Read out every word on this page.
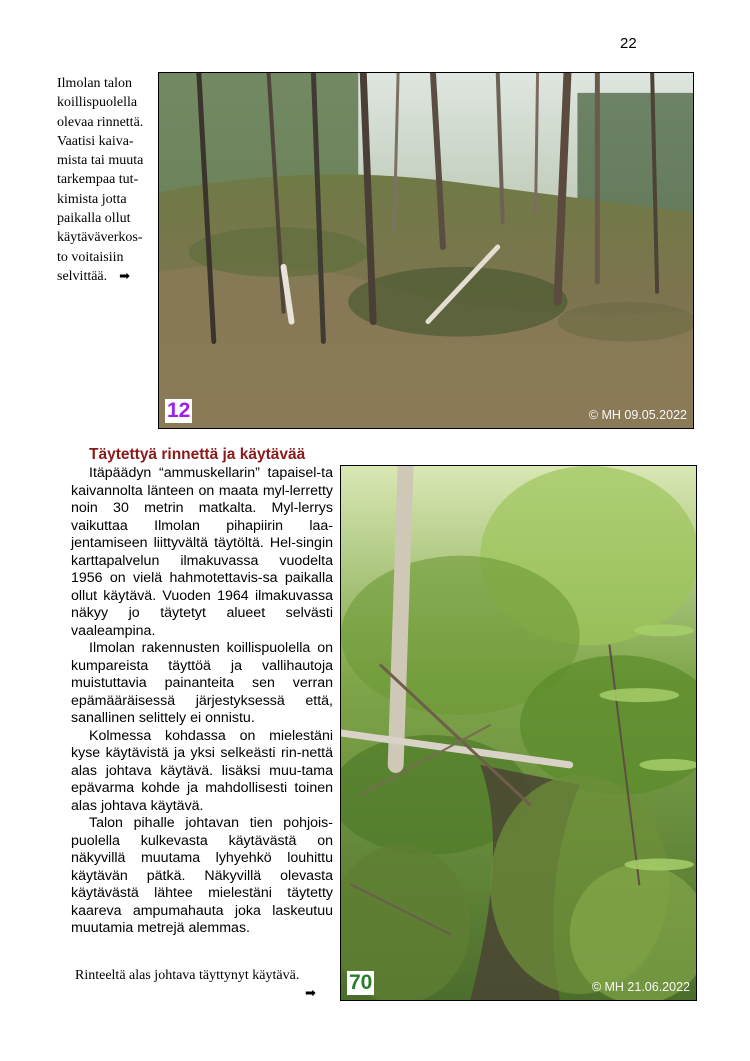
22
Ilmolan talon
koillispuolella
olevaa rinnettä.
Vaatisi kaiva-
mista tai muuta
tarkempaa tut-
kimista jotta
paikalla ollut
käytäväverkos-
to voitaisiin
selvittää. ➡
12	© MH 09.05.2022
Täytettyä rinnettä ja käytävää

Itäpäädyn “ammuskellarin” tapaisel-ta kaivannolta länteen on maata myl-lerretty noin 30 metrin matkalta. Myl-lerrys vaikuttaa Ilmolan pihapiirin laa-jentamiseen liittyvältä täytöltä. Hel-singin karttapalvelun ilmakuvassa vuodelta 1956 on vielä hahmotettavis-sa paikalla ollut käytävä. Vuoden 1964 ilmakuvassa näkyy jo täytetyt alueet selvästi vaaleampina.

Ilmolan rakennusten koillispuolella on kumpareista täyttöä ja vallihautoja muistuttavia painanteita sen verran epämääräisessä järjestyksessä että, sanallinen selittely ei onnistu.

Kolmessa kohdassa on mielestäni kyse käytävistä ja yksi selkeästi rin-nettä alas johtava käytävä. lisäksi muu-tama epävarma kohde ja mahdollisesti toinen alas johtava käytävä.

Talon pihalle johtavan tien pohjois-puolella kulkevasta käytävästä on näkyvillä muutama lyhyehkö louhittu käytävän pätkä. Näkyvillä olevasta käytävästä lähtee mielestäni täytetty kaareva ampumahauta joka laskeutuu muutamia metrejä alemmas.

70	© MH 21.06.2022
Rinteeltä alas johtava täyttynyt käytävä.
➡
